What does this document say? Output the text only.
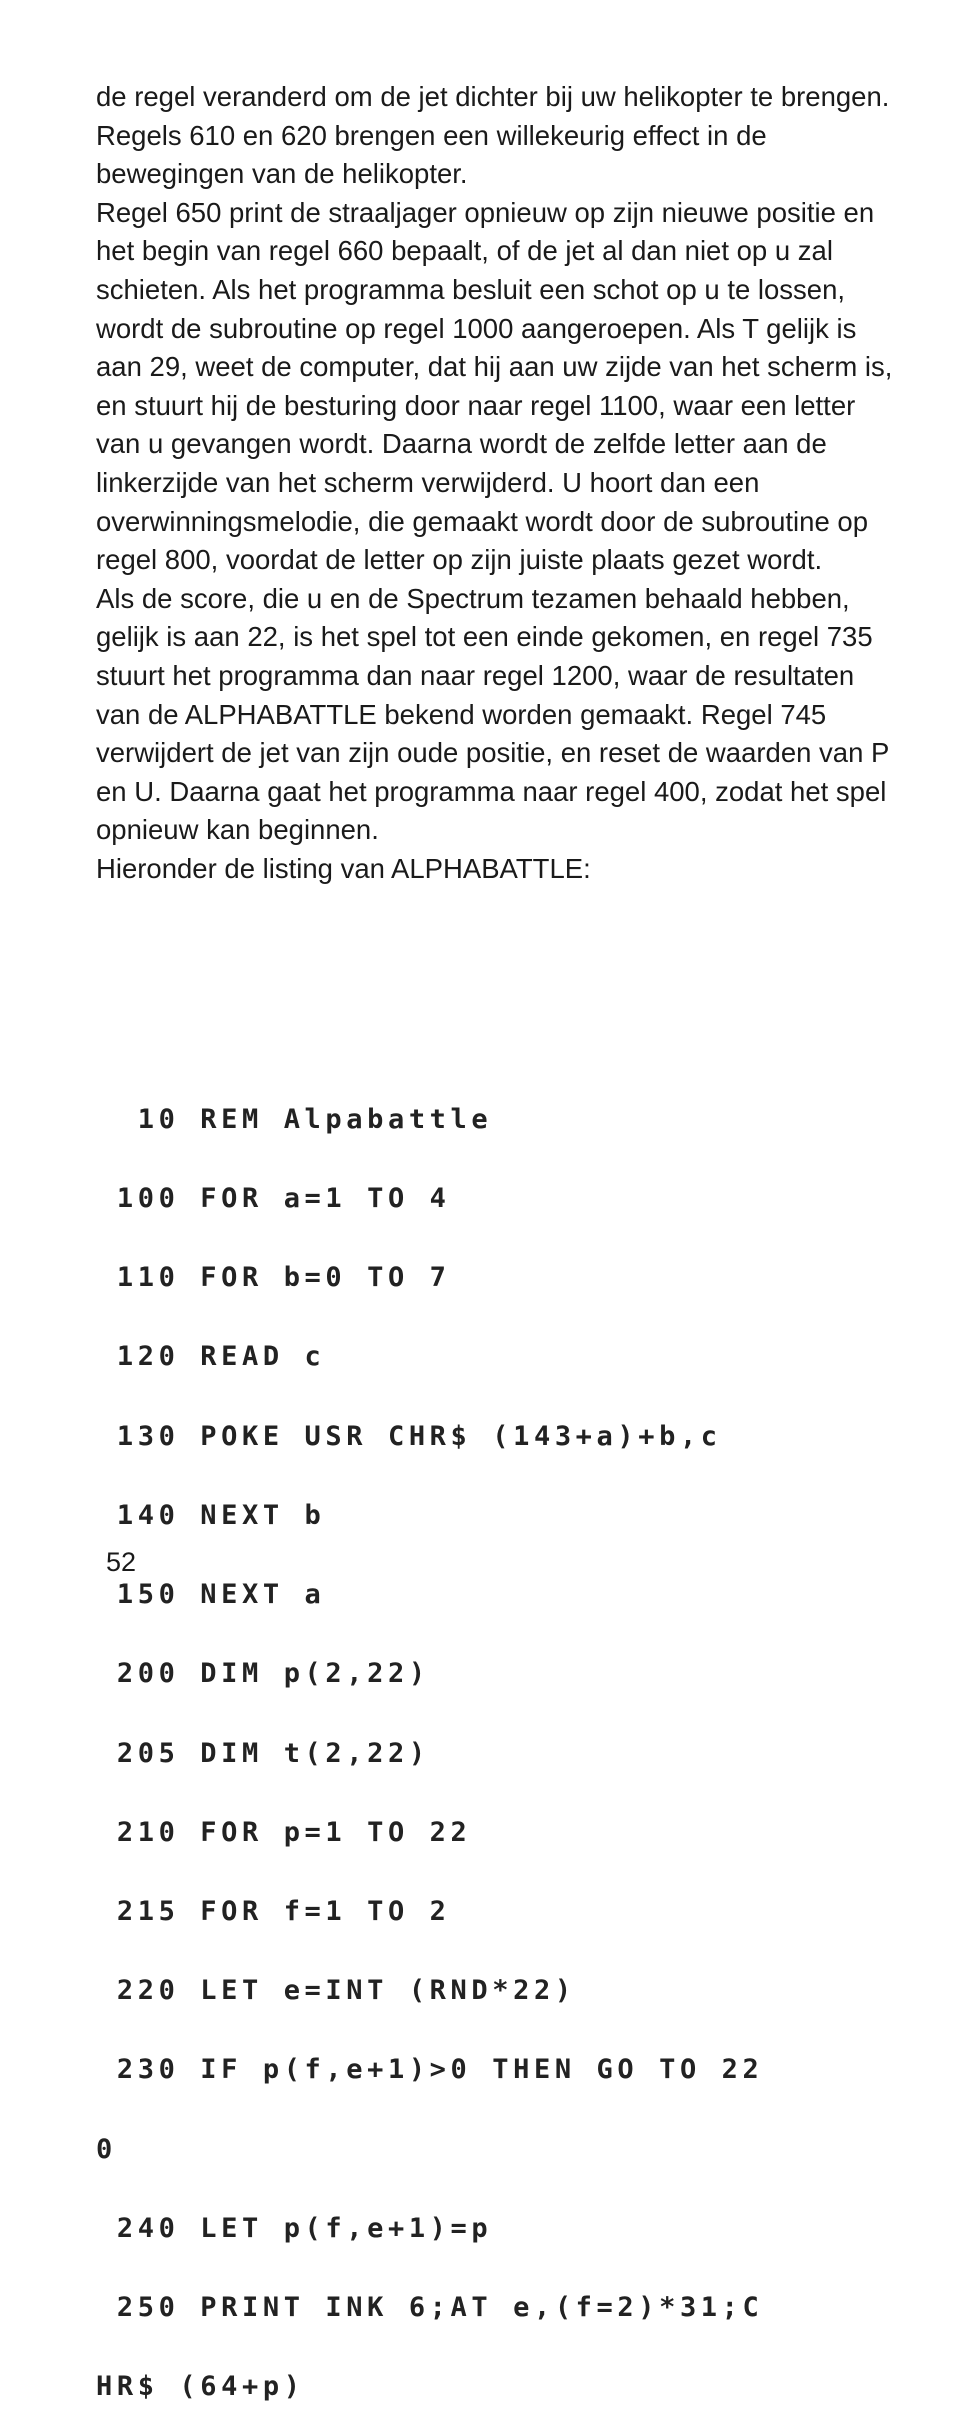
de regel veranderd om de jet dichter bij uw helikopter te brengen. Regels 610 en 620 brengen een willekeurig effect in de bewegingen van de helikopter.
Regel 650 print de straaljager opnieuw op zijn nieuwe positie en het begin van regel 660 bepaalt, of de jet al dan niet op u zal schieten. Als het programma besluit een schot op u te lossen, wordt de subroutine op regel 1000 aangeroepen. Als T gelijk is aan 29, weet de computer, dat hij aan uw zijde van het scherm is, en stuurt hij de besturing door naar regel 1100, waar een letter van u gevangen wordt. Daarna wordt de zelfde letter aan de linkerzijde van het scherm verwijderd. U hoort dan een overwinningsmelodie, die gemaakt wordt door de subroutine op regel 800, voordat de letter op zijn juiste plaats gezet wordt.
Als de score, die u en de Spectrum tezamen behaald hebben, gelijk is aan 22, is het spel tot een einde gekomen, en regel 735 stuurt het programma dan naar regel 1200, waar de resultaten van de ALPHABATTLE bekend worden gemaakt. Regel 745 verwijdert de jet van zijn oude positie, en reset de waarden van P en U. Daarna gaat het programma naar regel 400, zodat het spel opnieuw kan beginnen.
Hieronder de listing van ALPHABATTLE:

10 REM Alpabattle

100 FOR a=1 TO 4

110 FOR b=0 TO 7

120 READ c

130 POKE USR CHR$ (143+a)+b,c

140 NEXT b

150 NEXT a

200 DIM p(2,22)

205 DIM t(2,22)

210 FOR p=1 TO 22

215 FOR f=1 TO 2

220 LET e=INT (RND*22)

230 IF p(f,e+1)>0 THEN GO TO 22

0

240 LET p(f,e+1)=p

250 PRINT INK 6;AT e,(f=2)*31;C

HR$ (64+p)

52
